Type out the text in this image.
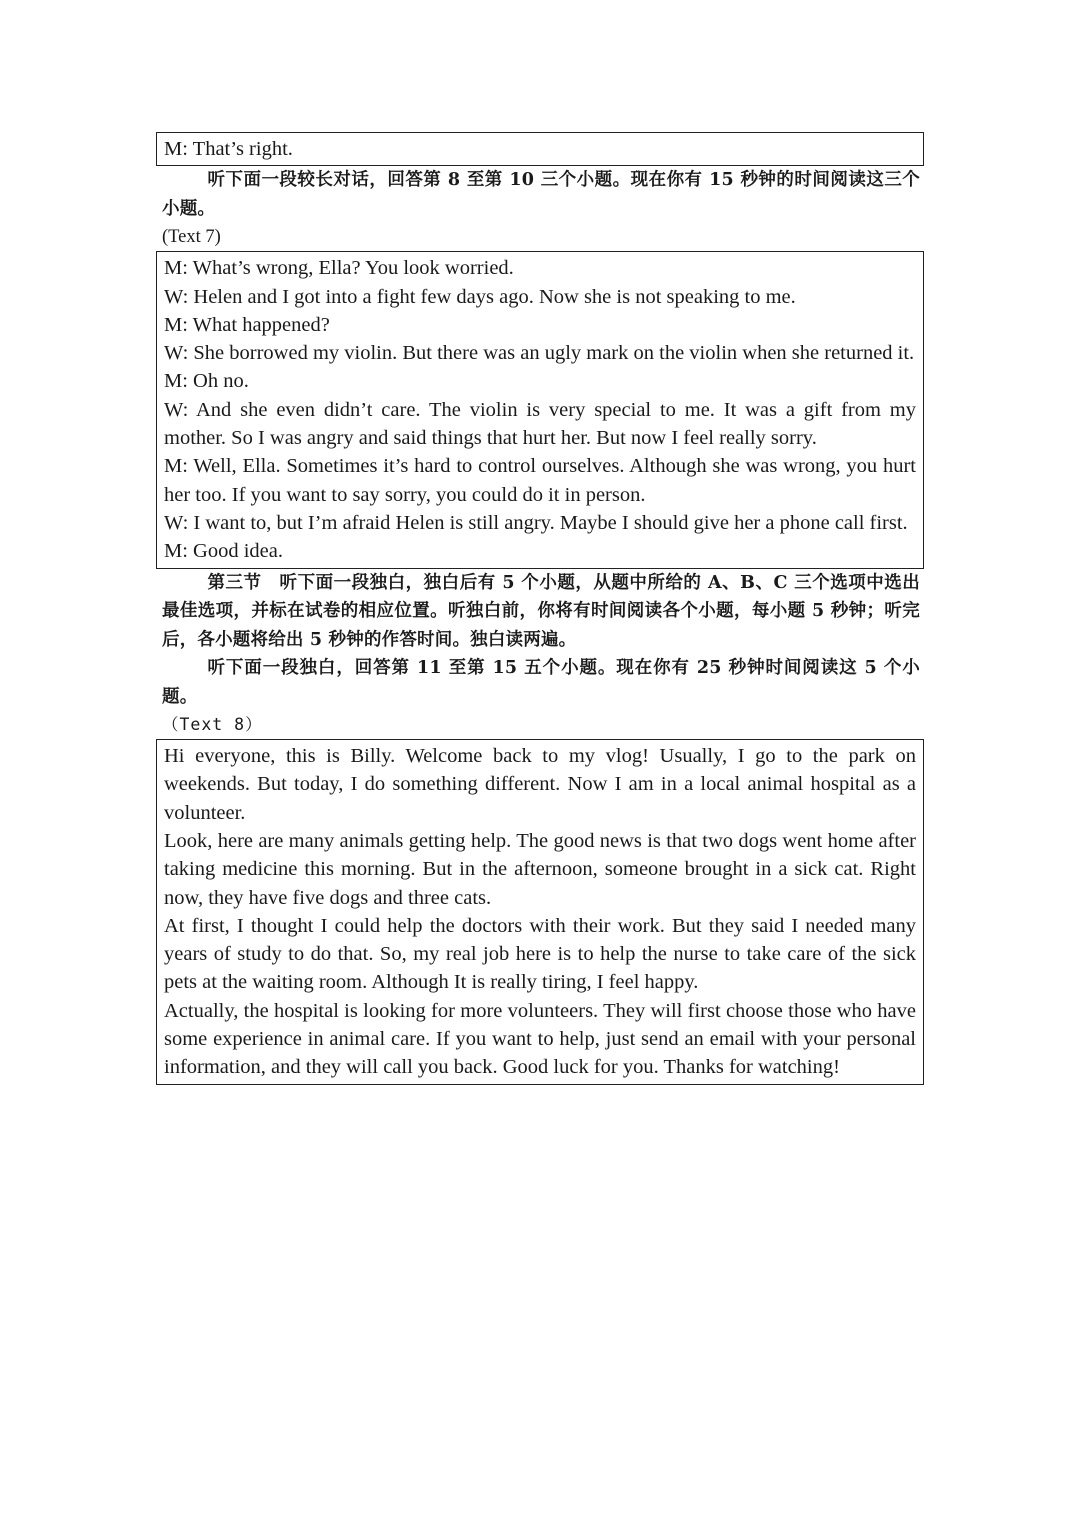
M: That’s right.

听下面一段较长对话，回答第 8 至第 10 三个小题。现在你有 15 秒钟的时间阅读这三个小题。

(Text 7)

M: What’s wrong, Ella? You look worried.
W: Helen and I got into a fight few days ago. Now she is not speaking to me.
M: What happened?
W: She borrowed my violin. But there was an ugly mark on the violin when she returned it.
M: Oh no.
W: And she even didn’t care. The violin is very special to me. It was a gift from my mother. So I was angry and said things that hurt her. But now I feel really sorry.
M: Well, Ella. Sometimes it’s hard to control ourselves. Although she was wrong, you hurt her too. If you want to say sorry, you could do it in person.
W: I want to, but I’m afraid Helen is still angry. Maybe I should give her a phone call first.
M: Good idea.

第三节　听下面一段独白，独白后有 5 个小题，从题中所给的 A、B、C 三个选项中选出最佳选项，并标在试卷的相应位置。听独白前，你将有时间阅读各个小题，每小题 5 秒钟；听完后，各小题将给出 5 秒钟的作答时间。独白读两遍。

听下面一段独白，回答第 11 至第 15 五个小题。现在你有 25 秒钟时间阅读这 5 个小题。

（Text 8）

Hi everyone, this is Billy. Welcome back to my vlog! Usually, I go to the park on weekends. But today, I do something different. Now I am in a local animal hospital as a volunteer.
Look, here are many animals getting help. The good news is that two dogs went home after taking medicine this morning. But in the afternoon, someone brought in a sick cat. Right now, they have five dogs and three cats.
At first, I thought I could help the doctors with their work. But they said I needed many years of study to do that. So, my real job here is to help the nurse to take care of the sick pets at the waiting room. Although It is really tiring, I feel happy.
Actually, the hospital is looking for more volunteers. They will first choose those who have some experience in animal care. If you want to help, just send an email with your personal information, and they will call you back. Good luck for you. Thanks for watching!
